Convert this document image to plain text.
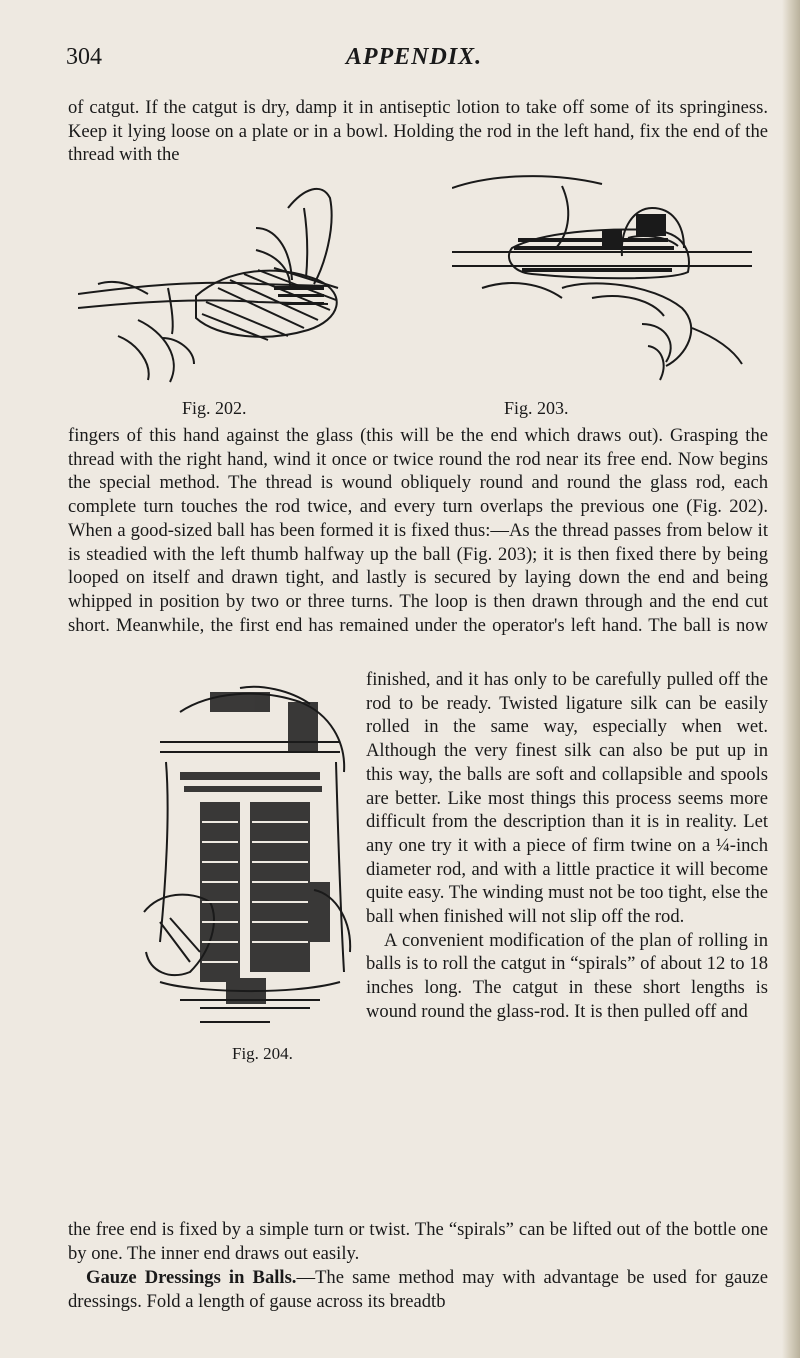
304	APPENDIX.

of catgut. If the catgut is dry, damp it in antiseptic lotion to take off some of its springiness. Keep it lying loose on a plate or in a bowl. Holding the rod in the left hand, fix the end of the thread with the

Fig. 202.	Fig. 203.

fingers of this hand against the glass (this will be the end which draws out). Grasping the thread with the right hand, wind it once or twice round the rod near its free end. Now begins the special method. The thread is wound obliquely round and round the glass rod, each complete turn touches the rod twice, and every turn overlaps the previous one (Fig. 202). When a good-sized ball has been formed it is fixed thus:—As the thread passes from below it is steadied with the left thumb halfway up the ball (Fig. 203); it is then fixed there by being looped on itself and drawn tight, and lastly is secured by laying down the end and being whipped in position by two or three turns. The loop is then drawn through and the end cut short. Meanwhile, the first end has remained under the operator's left hand. The ball is now

Fig. 204.

finished, and it has only to be carefully pulled off the rod to be ready. Twisted ligature silk can be easily rolled in the same way, especially when wet. Although the very finest silk can also be put up in this way, the balls are soft and collapsible and spools are better. Like most things this process seems more difficult from the description than it is in reality. Let any one try it with a piece of firm twine on a ¼-inch diameter rod, and with a little practice it will become quite easy. The winding must not be too tight, else the ball when finished will not slip off the rod.

A convenient modification of the plan of rolling in balls is to roll the catgut in “spirals” of about 12 to 18 inches long. The catgut in these short lengths is wound round the glass-rod. It is then pulled off and

the free end is fixed by a simple turn or twist. The “spirals” can be lifted out of the bottle one by one. The inner end draws out easily.

Gauze Dressings in Balls.—The same method may with advantage be used for gauze dressings. Fold a length of gause across its breadtb
